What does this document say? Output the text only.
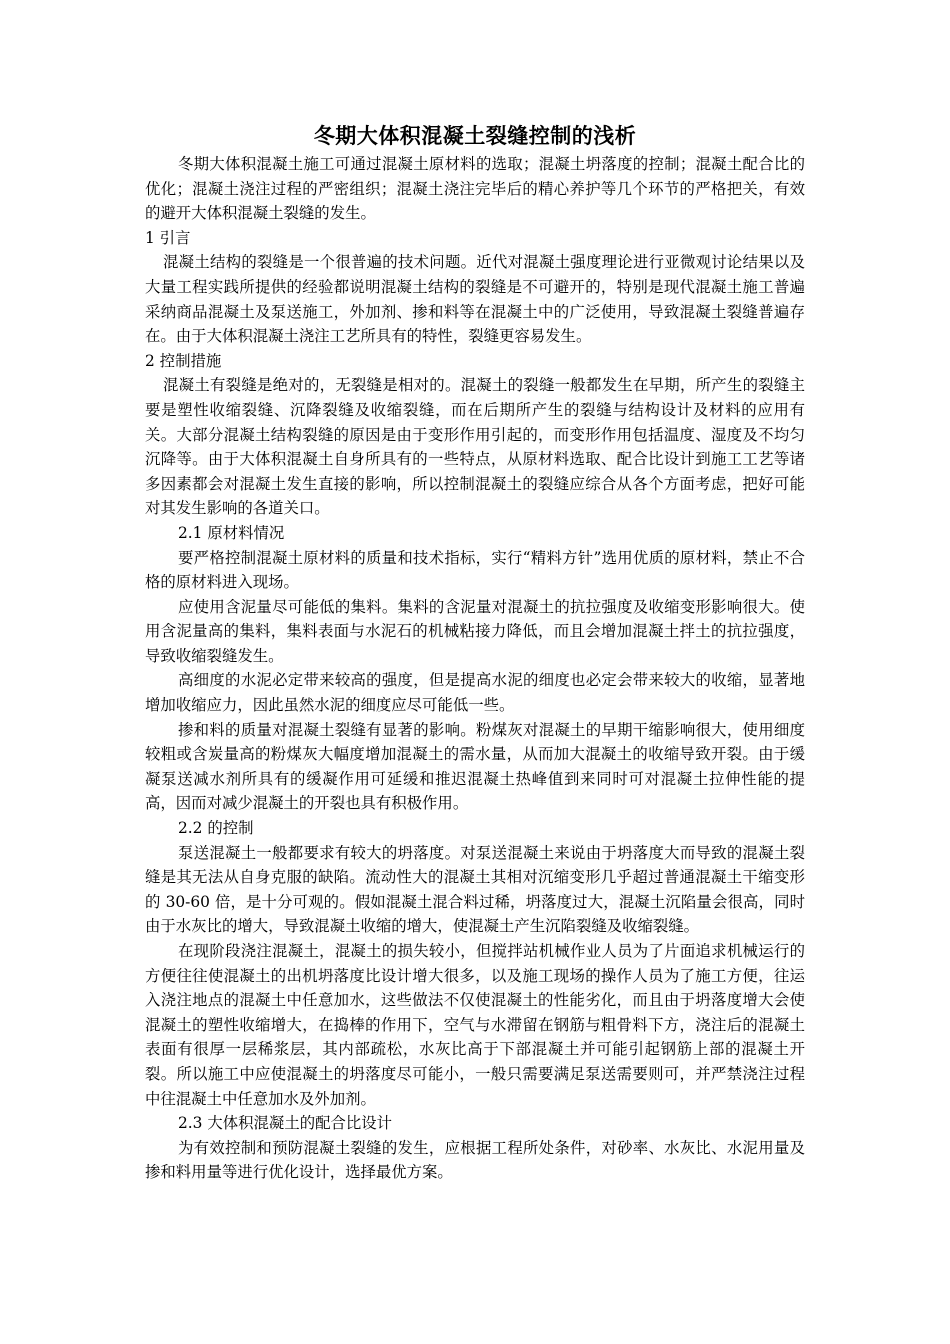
冬期大体积混凝土裂缝控制的浅析

冬期大体积混凝土施工可通过混凝土原材料的选取；混凝土坍落度的控制；混凝土配合比的优化；混凝土浇注过程的严密组织；混凝土浇注完毕后的精心养护等几个环节的严格把关，有效的避开大体积混凝土裂缝的发生。

1 引言

混凝土结构的裂缝是一个很普遍的技术问题。近代对混凝土强度理论进行亚微观讨论结果以及大量工程实践所提供的经验都说明混凝土结构的裂缝是不可避开的，特别是现代混凝土施工普遍采纳商品混凝土及泵送施工，外加剂、掺和料等在混凝土中的广泛使用，导致混凝土裂缝普遍存在。由于大体积混凝土浇注工艺所具有的特性，裂缝更容易发生。

2 控制措施

混凝土有裂缝是绝对的，无裂缝是相对的。混凝土的裂缝一般都发生在早期，所产生的裂缝主要是塑性收缩裂缝、沉降裂缝及收缩裂缝，而在后期所产生的裂缝与结构设计及材料的应用有关。大部分混凝土结构裂缝的原因是由于变形作用引起的，而变形作用包括温度、湿度及不均匀沉降等。由于大体积混凝土自身所具有的一些特点，从原材料选取、配合比设计到施工工艺等诸多因素都会对混凝土发生直接的影响，所以控制混凝土的裂缝应综合从各个方面考虑，把好可能对其发生影响的各道关口。

2.1 原材料情况

要严格控制混凝土原材料的质量和技术指标，实行“精料方针”选用优质的原材料，禁止不合格的原材料进入现场。

应使用含泥量尽可能低的集料。集料的含泥量对混凝土的抗拉强度及收缩变形影响很大。使用含泥量高的集料，集料表面与水泥石的机械粘接力降低，而且会增加混凝土拌土的抗拉强度，导致收缩裂缝发生。

高细度的水泥必定带来较高的强度，但是提高水泥的细度也必定会带来较大的收缩，显著地增加收缩应力，因此虽然水泥的细度应尽可能低一些。

掺和料的质量对混凝土裂缝有显著的影响。粉煤灰对混凝土的早期干缩影响很大，使用细度较粗或含炭量高的粉煤灰大幅度增加混凝土的需水量，从而加大混凝土的收缩导致开裂。由于缓凝泵送减水剂所具有的缓凝作用可延缓和推迟混凝土热峰值到来同时可对混凝土拉伸性能的提高，因而对减少混凝土的开裂也具有积极作用。

2.2 的控制

泵送混凝土一般都要求有较大的坍落度。对泵送混凝土来说由于坍落度大而导致的混凝土裂缝是其无法从自身克服的缺陷。流动性大的混凝土其相对沉缩变形几乎超过普通混凝土干缩变形的 30-60 倍，是十分可观的。假如混凝土混合料过稀，坍落度过大，混凝土沉陷量会很高，同时由于水灰比的增大，导致混凝土收缩的增大，使混凝土产生沉陷裂缝及收缩裂缝。

在现阶段浇注混凝土，混凝土的损失较小，但搅拌站机械作业人员为了片面追求机械运行的方便往往使混凝土的出机坍落度比设计增大很多，以及施工现场的操作人员为了施工方便，往运入浇注地点的混凝土中任意加水，这些做法不仅使混凝土的性能劣化，而且由于坍落度增大会使混凝土的塑性收缩增大，在捣棒的作用下，空气与水滞留在钢筋与粗骨料下方，浇注后的混凝土表面有很厚一层稀浆层，其内部疏松，水灰比高于下部混凝土并可能引起钢筋上部的混凝土开裂。所以施工中应使混凝土的坍落度尽可能小，一般只需要满足泵送需要则可，并严禁浇注过程中往混凝土中任意加水及外加剂。

2.3 大体积混凝土的配合比设计

为有效控制和预防混凝土裂缝的发生，应根据工程所处条件，对砂率、水灰比、水泥用量及掺和料用量等进行优化设计，选择最优方案。
